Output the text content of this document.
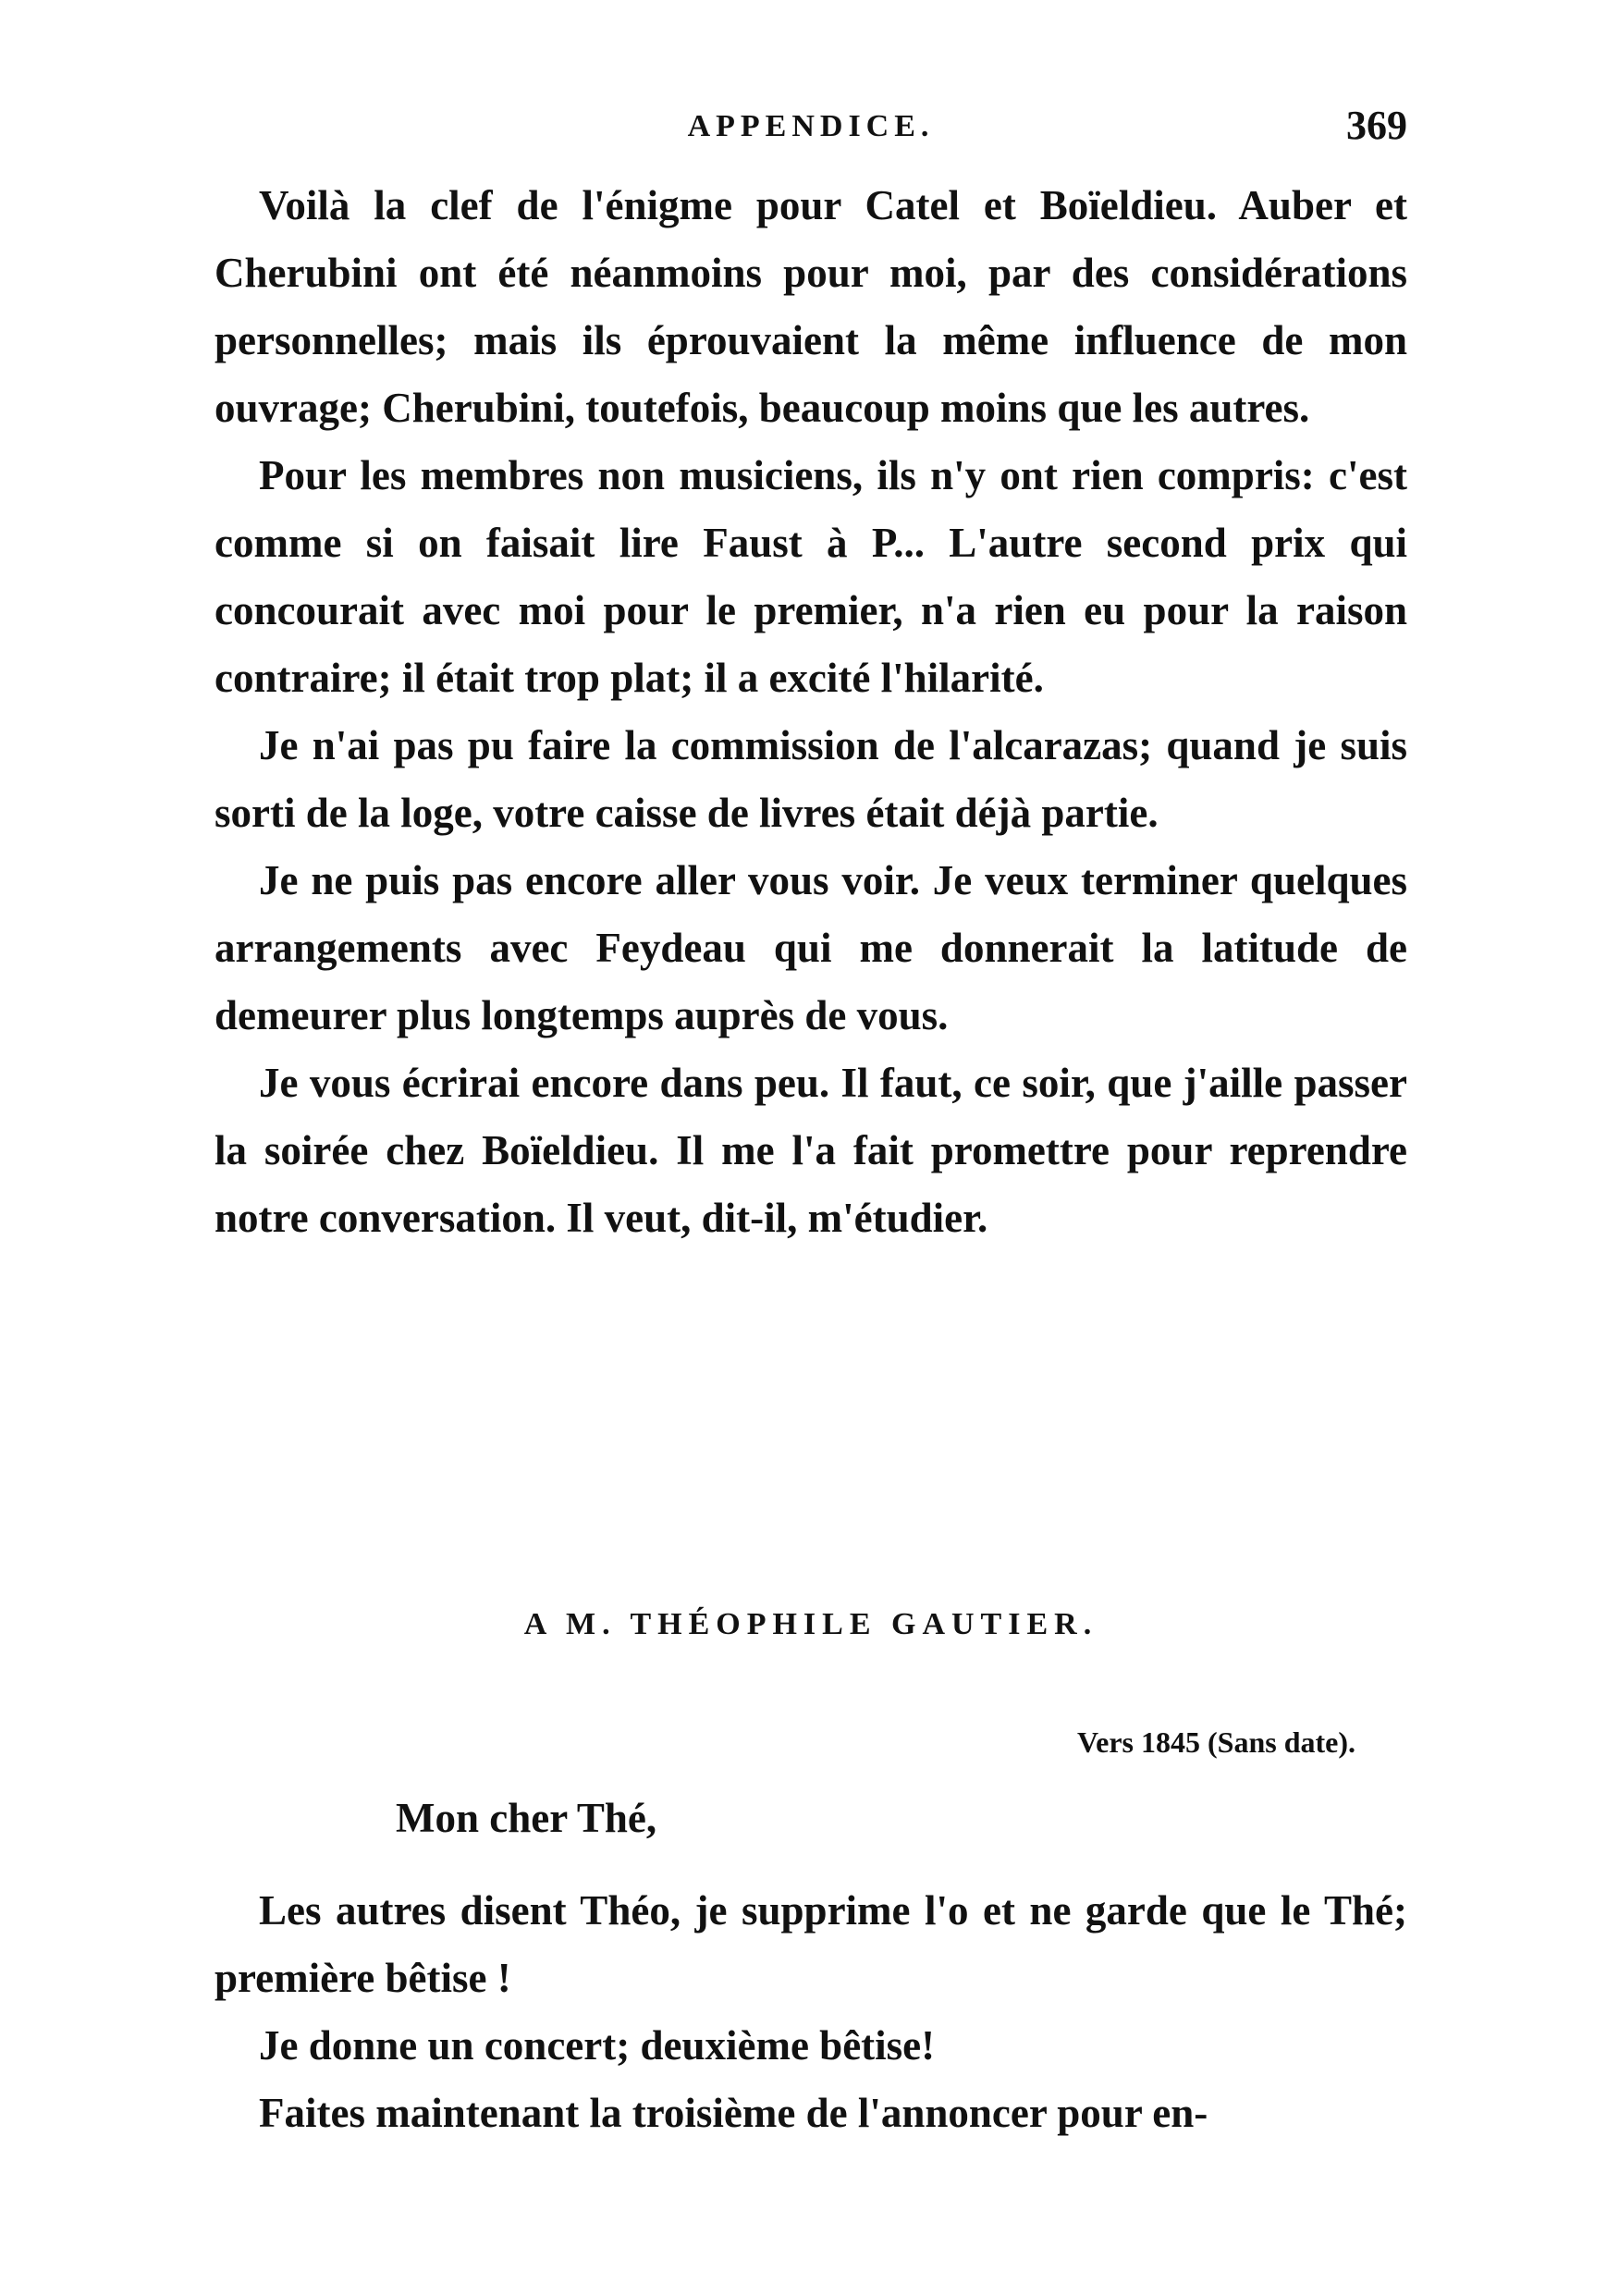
APPENDICE.	369

Voilà la clef de l'énigme pour Catel et Boïeldieu. Auber et Cherubini ont été néanmoins pour moi, par des considérations personnelles; mais ils éprouvaient la même influence de mon ouvrage; Cherubini, toutefois, beaucoup moins que les autres.

Pour les membres non musiciens, ils n'y ont rien compris: c'est comme si on faisait lire Faust à P... L'autre second prix qui concourait avec moi pour le premier, n'a rien eu pour la raison contraire; il était trop plat; il a excité l'hilarité.

Je n'ai pas pu faire la commission de l'alcarazas; quand je suis sorti de la loge, votre caisse de livres était déjà partie.

Je ne puis pas encore aller vous voir. Je veux terminer quelques arrangements avec Feydeau qui me donnerait la latitude de demeurer plus longtemps auprès de vous.

Je vous écrirai encore dans peu. Il faut, ce soir, que j'aille passer la soirée chez Boïeldieu. Il me l'a fait promettre pour reprendre notre conversation. Il veut, dit-il, m'étudier.

A M. THÉOPHILE GAUTIER.
Vers 1845 (Sans date).
Mon cher Thé,

Les autres disent Théo, je supprime l'o et ne garde que le Thé; première bêtise !

Je donne un concert; deuxième bêtise!

Faites maintenant la troisième de l'annoncer pour en-
